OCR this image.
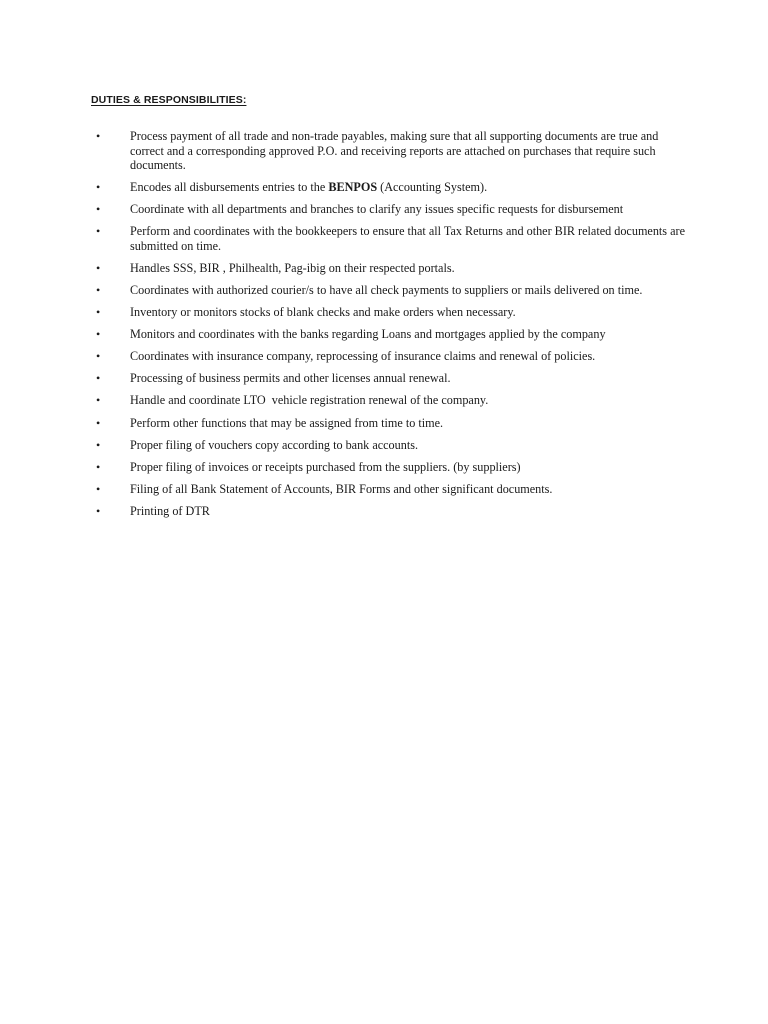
DUTIES & RESPONSIBILITIES:
•	Process payment of all trade and non-trade payables, making sure that all supporting documents are true and correct and a corresponding approved P.O. and receiving reports are attached on purchases that require such documents.
•	Encodes all disbursements entries to the BENPOS (Accounting System).
•	Coordinate with all departments and branches to clarify any issues specific requests for disbursement
•	Perform and coordinates with the bookkeepers to ensure that all Tax Returns and other BIR related documents are submitted on time.
•	Handles SSS, BIR , Philhealth, Pag-ibig on their respected portals.
•	Coordinates with authorized courier/s to have all check payments to suppliers or mails delivered on time.
•	Inventory or monitors stocks of blank checks and make orders when necessary.
•	Monitors and coordinates with the banks regarding Loans and mortgages applied by the company
•	Coordinates with insurance company, reprocessing of insurance claims and renewal of policies.
•	Processing of business permits and other licenses annual renewal.
•	Handle and coordinate LTO  vehicle registration renewal of the company.
•	Perform other functions that may be assigned from time to time.
•	Proper filing of vouchers copy according to bank accounts.
•	Proper filing of invoices or receipts purchased from the suppliers. (by suppliers)
•	Filing of all Bank Statement of Accounts, BIR Forms and other significant documents.
•	Printing of DTR
